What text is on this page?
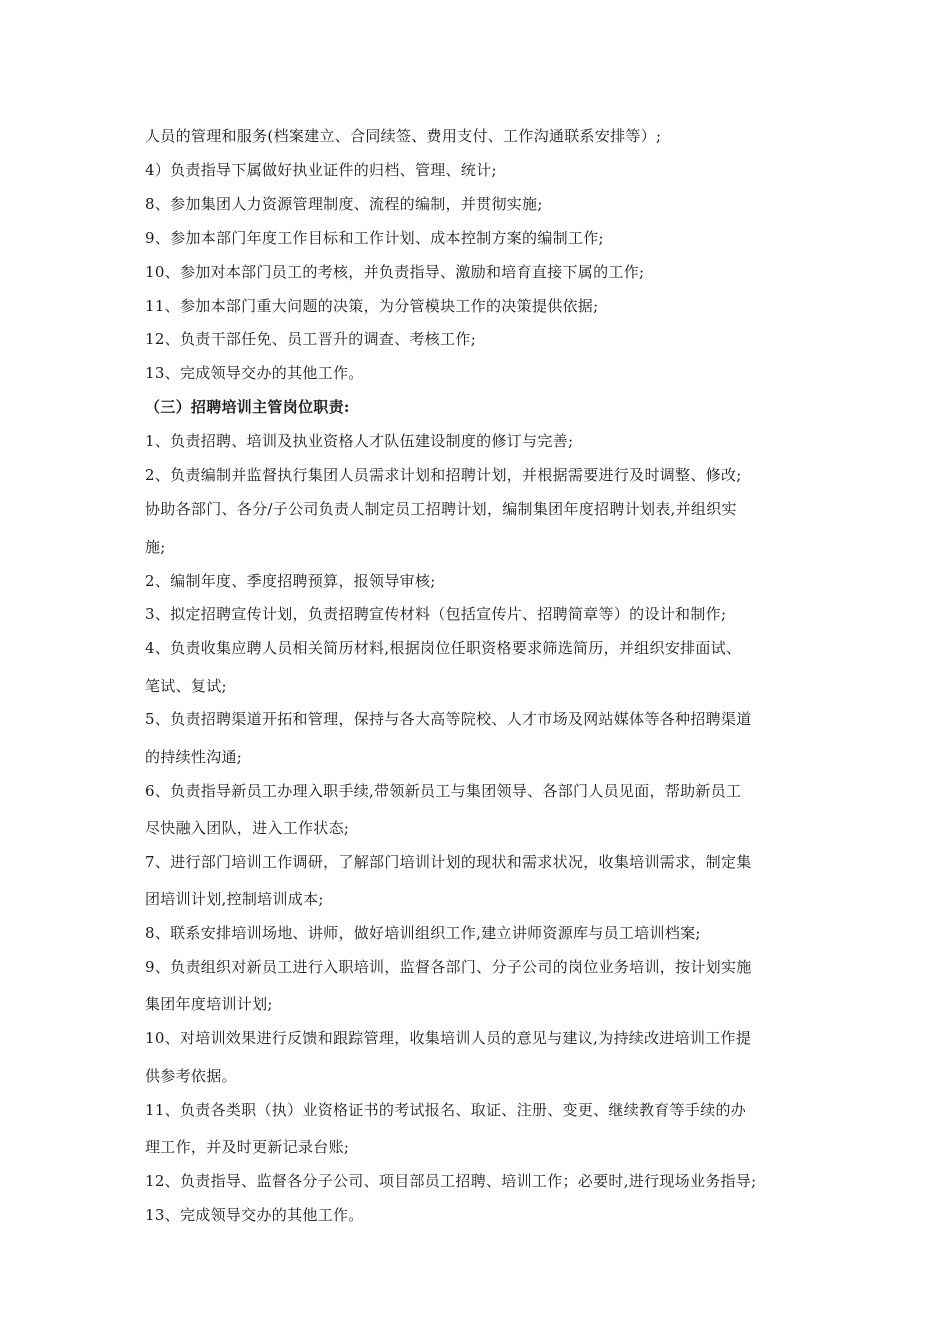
人员的管理和服务(档案建立、合同续签、费用支付、工作沟通联系安排等）;
4）负责指导下属做好执业证件的归档、管理、统计;
8、参加集团人力资源管理制度、流程的编制，并贯彻实施;
9、参加本部门年度工作目标和工作计划、成本控制方案的编制工作;
10、参加对本部门员工的考核，并负责指导、激励和培育直接下属的工作;
11、参加本部门重大问题的决策，为分管模块工作的决策提供依据;
12、负责干部任免、员工晋升的调查、考核工作;
13、完成领导交办的其他工作。
（三）招聘培训主管岗位职责:
1、负责招聘、培训及执业资格人才队伍建设制度的修订与完善;
2、负责编制并监督执行集团人员需求计划和招聘计划，并根据需要进行及时调整、修改;
协助各部门、各分/子公司负责人制定员工招聘计划，编制集团年度招聘计划表,并组织实
施;
2、编制年度、季度招聘预算，报领导审核;
3、拟定招聘宣传计划，负责招聘宣传材料（包括宣传片、招聘简章等）的设计和制作;
4、负责收集应聘人员相关简历材料,根据岗位任职资格要求筛选简历，并组织安排面试、
笔试、复试;
5、负责招聘渠道开拓和管理，保持与各大高等院校、人才市场及网站媒体等各种招聘渠道
的持续性沟通;
6、负责指导新员工办理入职手续,带领新员工与集团领导、各部门人员见面，帮助新员工
尽快融入团队，进入工作状态;
7、进行部门培训工作调研，了解部门培训计划的现状和需求状况，收集培训需求，制定集
团培训计划,控制培训成本;
8、联系安排培训场地、讲师，做好培训组织工作,建立讲师资源库与员工培训档案;
9、负责组织对新员工进行入职培训，监督各部门、分子公司的岗位业务培训，按计划实施
集团年度培训计划;
10、对培训效果进行反馈和跟踪管理，收集培训人员的意见与建议,为持续改进培训工作提
供参考依据。
11、负责各类职（执）业资格证书的考试报名、取证、注册、变更、继续教育等手续的办
理工作，并及时更新记录台账;
12、负责指导、监督各分子公司、项目部员工招聘、培训工作；必要时,进行现场业务指导;
13、完成领导交办的其他工作。
